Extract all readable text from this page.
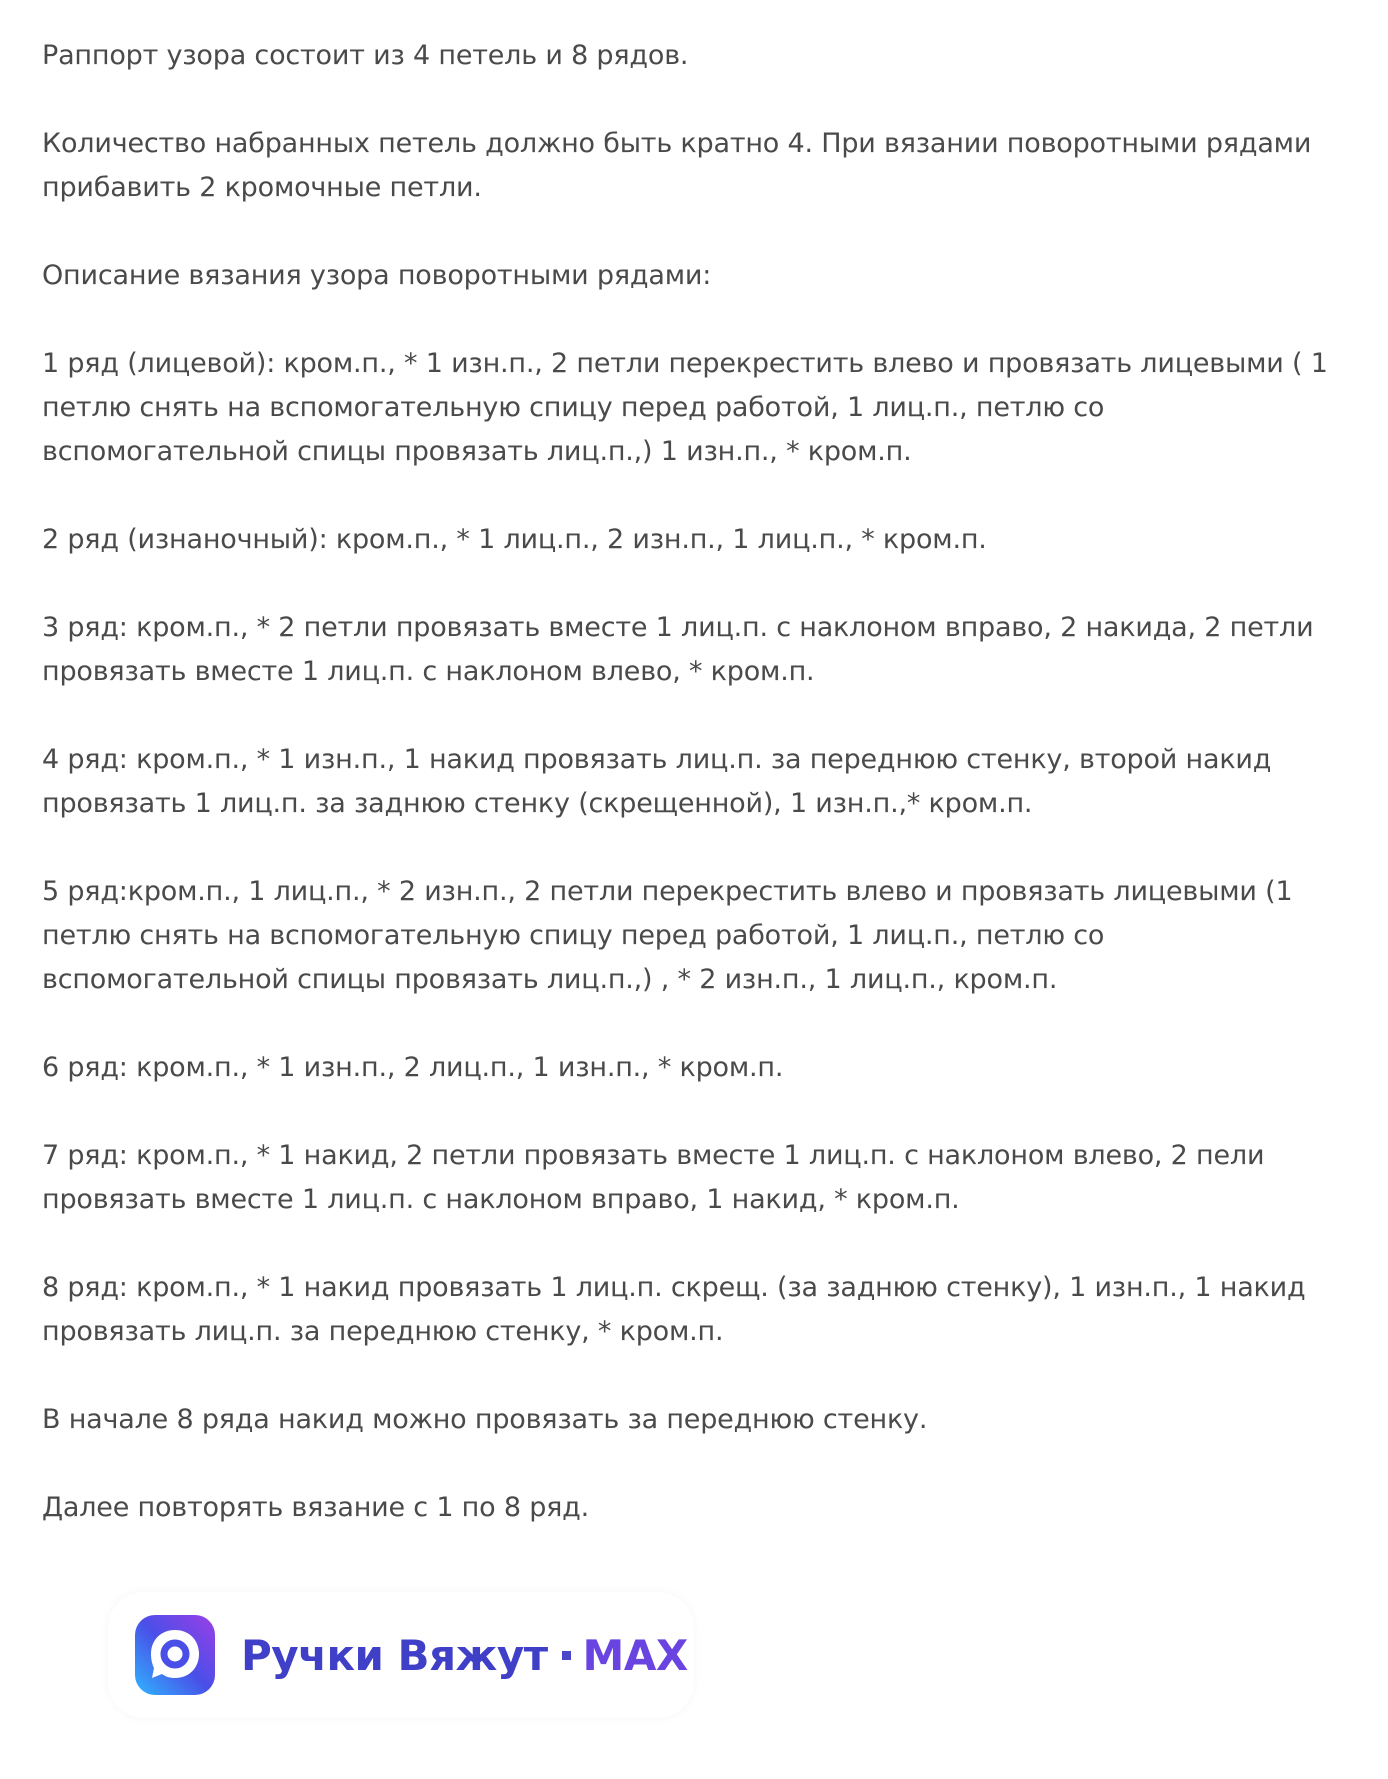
Раппорт узора состоит из 4 петель и 8 рядов.

Количество набранных петель должно быть кратно 4. При вязании поворотными рядами прибавить 2 кромочные петли.

Описание вязания узора поворотными рядами:

1 ряд (лицевой): кром.п., * 1 изн.п., 2 петли перекрестить влево и провязать лицевыми ( 1 петлю снять на вспомогательную спицу перед работой, 1 лиц.п., петлю со вспомогательной спицы провязать лиц.п.,) 1 изн.п., * кром.п.

2 ряд (изнаночный): кром.п., * 1 лиц.п., 2 изн.п., 1 лиц.п., * кром.п.

3 ряд: кром.п., * 2 петли провязать вместе 1 лиц.п. с наклоном вправо, 2 накида, 2 петли провязать вместе 1 лиц.п. с наклоном влево, * кром.п.

4 ряд: кром.п., * 1 изн.п., 1 накид провязать лиц.п. за переднюю стенку, второй накид провязать 1 лиц.п. за заднюю стенку (скрещенной), 1 изн.п.,* кром.п.

5 ряд:кром.п., 1 лиц.п., * 2 изн.п., 2 петли перекрестить влево и провязать лицевыми (1 петлю снять на вспомогательную спицу перед работой, 1 лиц.п., петлю со вспомогательной спицы провязать лиц.п.,) , * 2 изн.п., 1 лиц.п., кром.п.

6 ряд: кром.п., * 1 изн.п., 2 лиц.п., 1 изн.п., * кром.п.

7 ряд: кром.п., * 1 накид, 2 петли провязать вместе 1 лиц.п. с наклоном влево, 2 пели провязать вместе 1 лиц.п. с наклоном вправо, 1 накид, * кром.п.

8 ряд: кром.п., * 1 накид провязать 1 лиц.п. скрещ. (за заднюю стенку), 1 изн.п., 1 накид провязать лиц.п. за переднюю стенку, * кром.п.

В начале 8 ряда накид можно провязать за переднюю стенку.

Далее повторять вязание с 1 по 8 ряд.

Ручки Вяжут MAX
